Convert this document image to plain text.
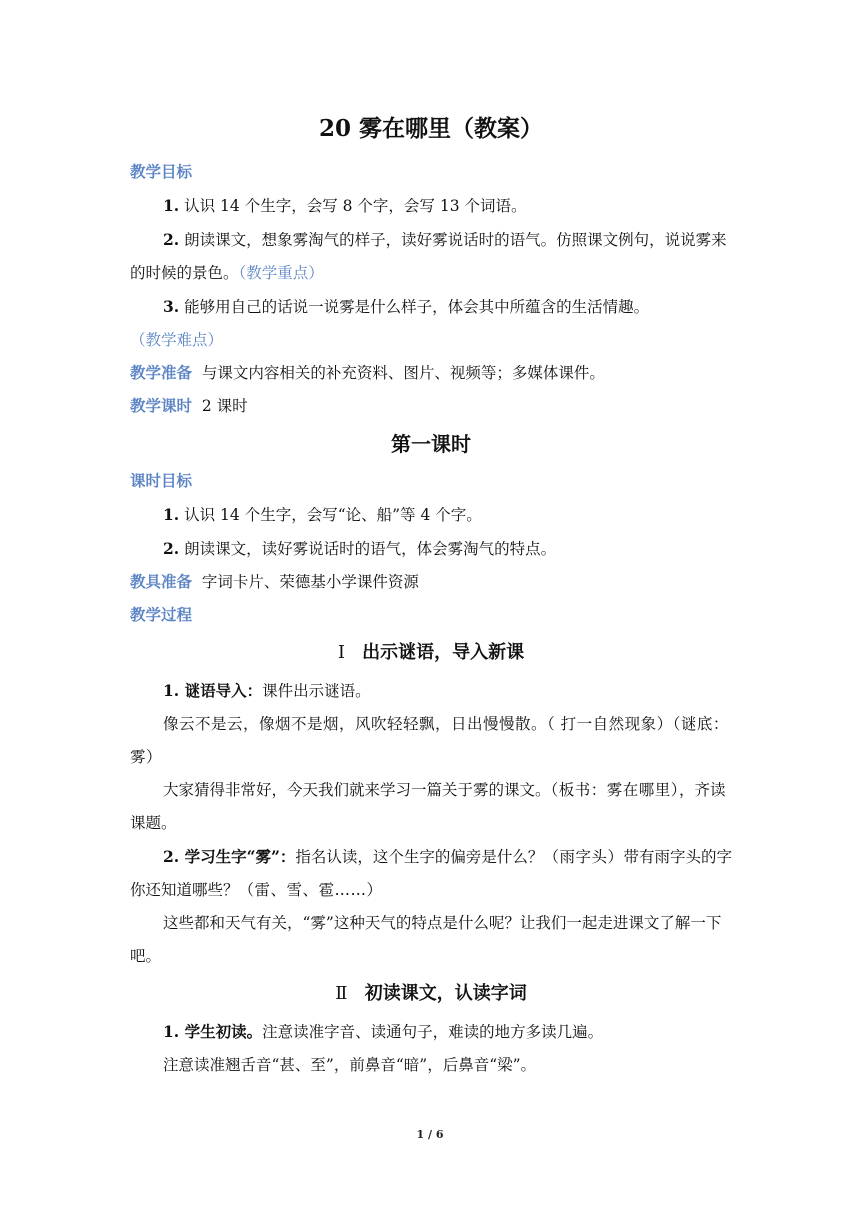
20 雾在哪里（教案）

教学目标

1. 认识 14 个生字，会写 8 个字，会写 13 个词语。

2. 朗读课文，想象雾淘气的样子，读好雾说话时的语气。仿照课文例句，说说雾来的时候的景色。（教学重点）

3. 能够用自己的话说一说雾是什么样子，体会其中所蕴含的生活情趣。（教学难点）

教学准备 与课文内容相关的补充资料、图片、视频等；多媒体课件。

教学课时 2 课时

第一课时

课时目标

1. 认识 14 个生字，会写“论、船”等 4 个字。

2. 朗读课文，读好雾说话时的语气，体会雾淘气的特点。

教具准备 字词卡片、荣德基小学课件资源

教学过程

Ⅰ 出示谜语，导入新课

1. 谜语导入：课件出示谜语。

像云不是云，像烟不是烟，风吹轻轻飘，日出慢慢散。（ 打一自然现象）（谜底：雾）

大家猜得非常好，今天我们就来学习一篇关于雾的课文。（板书：雾在哪里），齐读课题。

2. 学习生字“雾”：指名认读，这个生字的偏旁是什么？（雨字头）带有雨字头的字你还知道哪些？（雷、雪、雹……）

这些都和天气有关，“雾”这种天气的特点是什么呢？让我们一起走进课文了解一下吧。

Ⅱ 初读课文，认读字词

1. 学生初读。注意读准字音、读通句子，难读的地方多读几遍。

注意读准翘舌音“甚、至”，前鼻音“暗”，后鼻音“梁”。

1 / 6
